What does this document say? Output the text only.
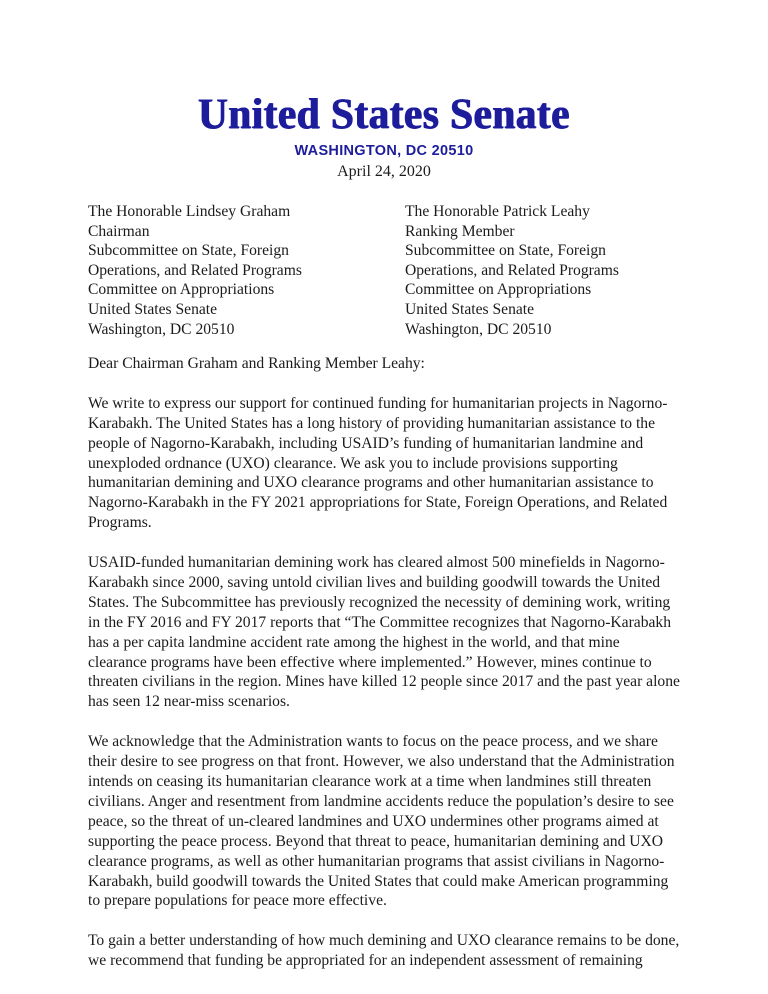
United States Senate
WASHINGTON, DC 20510
April 24, 2020
The Honorable Lindsey Graham
Chairman
Subcommittee on State, Foreign
Operations, and Related Programs
Committee on Appropriations
United States Senate
Washington, DC 20510
The Honorable Patrick Leahy
Ranking Member
Subcommittee on State, Foreign
Operations, and Related Programs
Committee on Appropriations
United States Senate
Washington, DC 20510
Dear Chairman Graham and Ranking Member Leahy:
We write to express our support for continued funding for humanitarian projects in Nagorno-Karabakh. The United States has a long history of providing humanitarian assistance to the people of Nagorno-Karabakh, including USAID’s funding of humanitarian landmine and unexploded ordnance (UXO) clearance. We ask you to include provisions supporting humanitarian demining and UXO clearance programs and other humanitarian assistance to Nagorno-Karabakh in the FY 2021 appropriations for State, Foreign Operations, and Related Programs.
USAID-funded humanitarian demining work has cleared almost 500 minefields in Nagorno-Karabakh since 2000, saving untold civilian lives and building goodwill towards the United States. The Subcommittee has previously recognized the necessity of demining work, writing in the FY 2016 and FY 2017 reports that “The Committee recognizes that Nagorno-Karabakh has a per capita landmine accident rate among the highest in the world, and that mine clearance programs have been effective where implemented.” However, mines continue to threaten civilians in the region. Mines have killed 12 people since 2017 and the past year alone has seen 12 near-miss scenarios.
We acknowledge that the Administration wants to focus on the peace process, and we share their desire to see progress on that front. However, we also understand that the Administration intends on ceasing its humanitarian clearance work at a time when landmines still threaten civilians. Anger and resentment from landmine accidents reduce the population’s desire to see peace, so the threat of un-cleared landmines and UXO undermines other programs aimed at supporting the peace process. Beyond that threat to peace, humanitarian demining and UXO clearance programs, as well as other humanitarian programs that assist civilians in Nagorno-Karabakh, build goodwill towards the United States that could make American programming to prepare populations for peace more effective.
To gain a better understanding of how much demining and UXO clearance remains to be done, we recommend that funding be appropriated for an independent assessment of remaining
